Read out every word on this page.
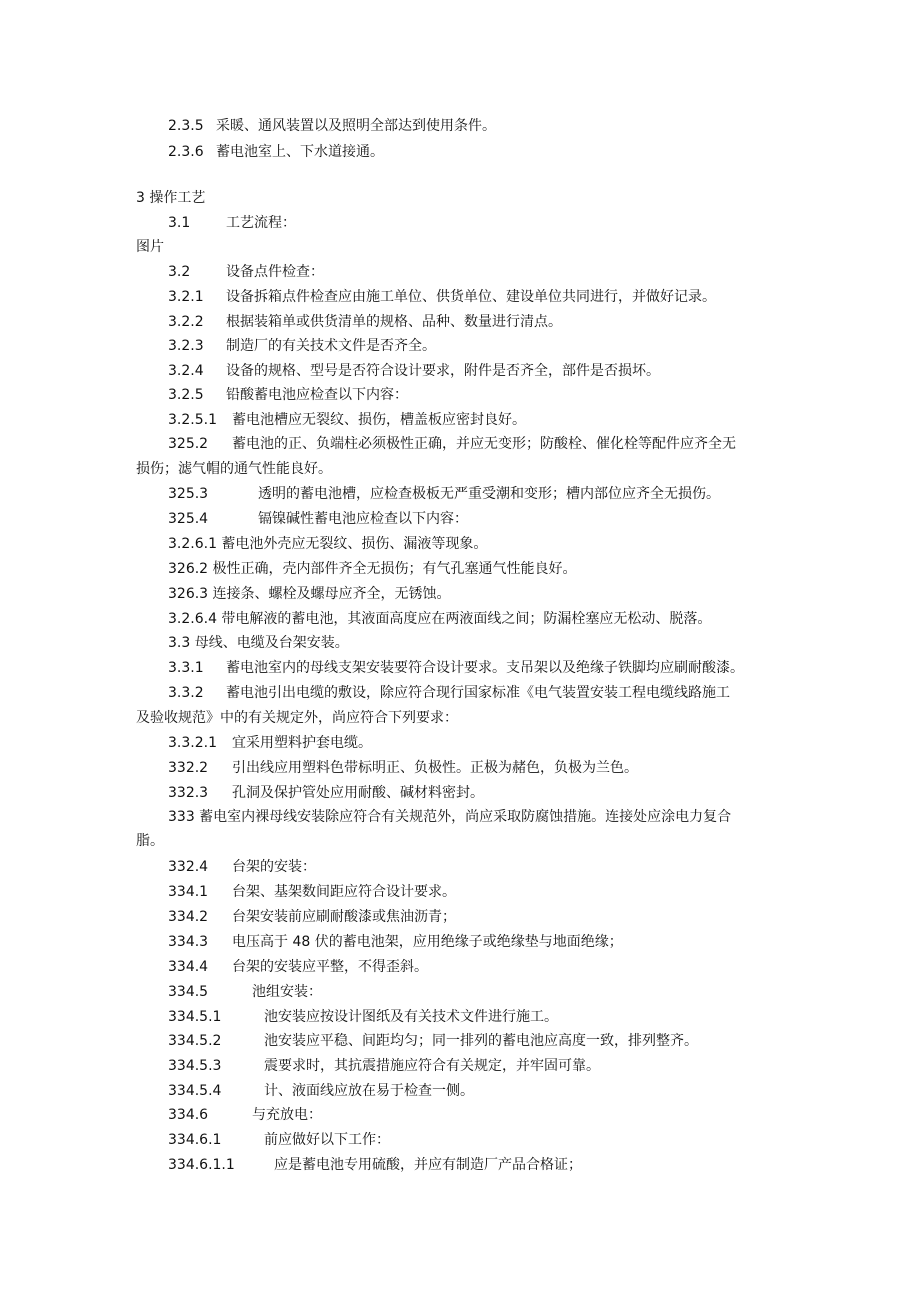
2.3.5 采暖、通风装置以及照明全部达到使用条件。
2.3.6 蓄电池室上、下水道接通。
3 操作工艺
3.1	工艺流程：
图片
3.2	设备点件检查：
3.2.1 设备拆箱点件检查应由施工单位、供货单位、建设单位共同进行，并做好记录。
3.2.2 根据装箱单或供货清单的规格、品种、数量进行清点。
3.2.3 制造厂的有关技术文件是否齐全。
3.2.4 设备的规格、型号是否符合设计要求，附件是否齐全，部件是否损坏。
3.2.5 铅酸蓄电池应检查以下内容：
3.2.5.1 蓄电池槽应无裂纹、损伤，槽盖板应密封良好。
325.2 蓄电池的正、负端柱必须极性正确，并应无变形；防酸栓、催化栓等配件应齐全无
损伤；滤气帽的通气性能良好。
325.3	透明的蓄电池槽，应检查极板无严重受潮和变形；槽内部位应齐全无损伤。
325.4	镉镍碱性蓄电池应检查以下内容：
3.2.6.1 蓄电池外壳应无裂纹、损伤、漏液等现象。
326.2 极性正确，壳内部件齐全无损伤；有气孔塞通气性能良好。
326.3 连接条、螺栓及螺母应齐全，无锈蚀。
3.2.6.4 带电解液的蓄电池，其液面高度应在两液面线之间；防漏栓塞应无松动、脱落。
3.3 母线、电缆及台架安装。
3.3.1 蓄电池室内的母线支架安装要符合设计要求。支吊架以及绝缘子铁脚均应刷耐酸漆。
3.3.2 蓄电池引出电缆的敷设，除应符合现行国家标准《电气装置安装工程电缆线路施工
及验收规范》中的有关规定外，尚应符合下列要求：
3.3.2.1 宜采用塑料护套电缆。
332.2 引出线应用塑料色带标明正、负极性。正极为赭色，负极为兰色。
332.3 孔洞及保护管处应用耐酸、碱材料密封。
333 蓄电室内裸母线安装除应符合有关规范外，尚应采取防腐蚀措施。连接处应涂电力复合
脂。
332.4 台架的安装：
334.1 台架、基架数间距应符合设计要求。
334.2 台架安装前应刷耐酸漆或焦油沥青；
334.3 电压高于 48 伏的蓄电池架，应用绝缘子或绝缘垫与地面绝缘；
334.4 台架的安装应平整，不得歪斜。
334.5	池组安装：
334.5.1	池安装应按设计图纸及有关技术文件进行施工。
334.5.2	池安装应平稳、间距均匀；同一排列的蓄电池应高度一致，排列整齐。
334.5.3	震要求时，其抗震措施应符合有关规定，并牢固可靠。
334.5.4	计、液面线应放在易于检查一侧。
334.6	与充放电：
334.6.1	前应做好以下工作：
334.6.1.1	应是蓄电池专用硫酸，并应有制造厂产品合格证；
